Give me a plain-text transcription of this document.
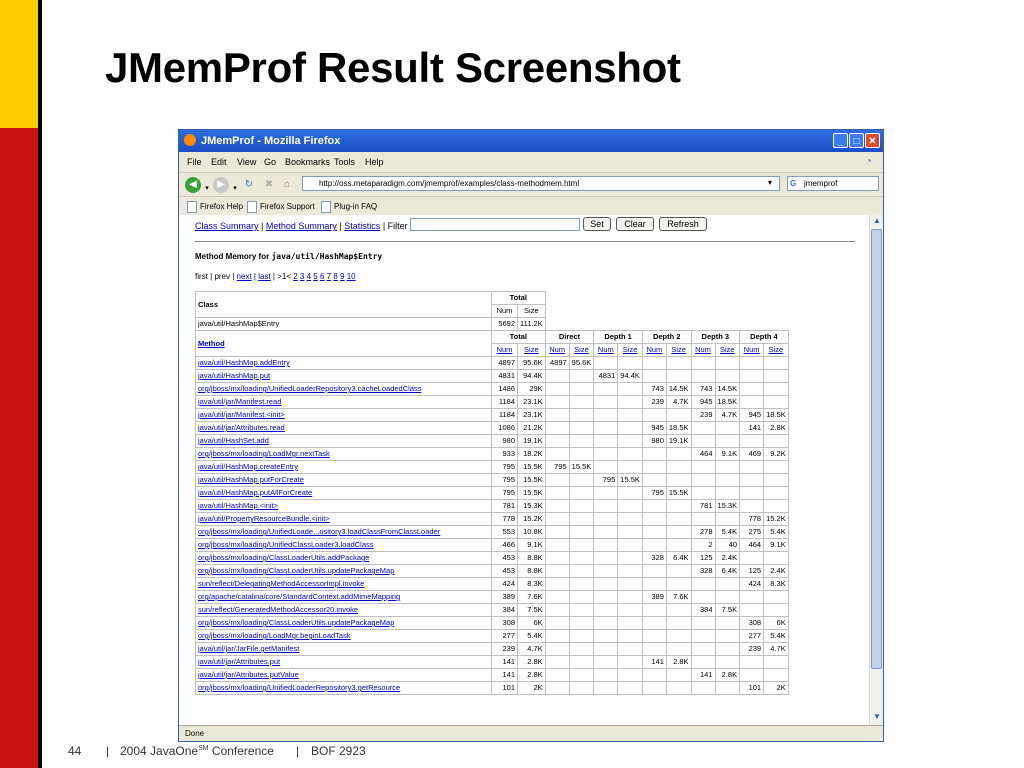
JMemProf Result Screenshot
JMemProf - Mozilla Firefox	_	□ ✕
File Edit View Go Bookmarks Tools Help	◔
◀	▾ ▶	▾ ↻	✖	⌂	http://oss.metaparadigm.com/jmemprof/examples/class-methodmem.html	▾ G jmemprof
Firefox Help	Firefox Support	Plug-in FAQ
Class Summary | Method Summary | Statistics | Filter	Set	Clear	Refresh
Method Memory for java/util/HashMap$Entry
first | prev | next | last | >1< 2 3 4 5 6 7 8 9 10
Class	Total											
	Num	Size										
java/util/HashMap$Entry	5692	111.2K										
Method	Total		Direct		Depth 1		Depth 2		Depth 3		Depth 4	
	Num	Size	Num	Size	Num	Size	Num	Size	Num	Size	Num	Size
java/util/HashMap.addEntry	4897	95.6K	4897	95.6K								
java/util/HashMap.put	4831	94.4K			4831	94.4K						
org/jboss/mx/loading/UnifiedLoaderRepository3.cacheLoadedClass	1486	29K					743	14.5K	743	14.5K		
java/util/jar/Manifest.read	1184	23.1K					239	4.7K	945	18.5K		
java/util/jar/Manifest.<init>	1184	23.1K							239	4.7K	945	18.5K
java/util/jar/Attributes.read	1086	21.2K					945	18.5K			141	2.8K
java/util/HashSet.add	980	19.1K					980	19.1K				
org/jboss/mx/loading/LoadMgr.nextTask	933	18.2K							464	9.1K	469	9.2K
java/util/HashMap.createEntry	795	15.5K	795	15.5K								
java/util/HashMap.putForCreate	795	15.5K			795	15.5K						
java/util/HashMap.putAllForCreate	795	15.5K					795	15.5K				
java/util/HashMap.<init>	781	15.3K							781	15.3K		
java/util/PropertyResourceBundle.<init>	778	15.2K									778	15.2K
org/jboss/mx/loading/UnifiedLoade...ository3.loadClassFromClassLoader	553	10.8K							278	5.4K	275	5.4K
org/jboss/mx/loading/UnifiedClassLoader3.loadClass	466	9.1K							2	40	464	9.1K
org/jboss/mx/loading/ClassLoaderUtils.addPackage	453	8.8K					328	6.4K	125	2.4K		
org/jboss/mx/loading/ClassLoaderUtils.updatePackageMap	453	8.8K							328	6.4K	125	2.4K
sun/reflect/DelegatingMethodAccessorImpl.invoke	424	8.3K									424	8.3K
org/apache/catalina/core/StandardContext.addMimeMapping	389	7.6K					389	7.6K				
sun/reflect/GeneratedMethodAccessor20.invoke	384	7.5K							384	7.5K		
org/jboss/mx/loading/ClassLoaderUtils.updatePackageMap	308	6K									308	6K
org/jboss/mx/loading/LoadMgr.beginLoadTask	277	5.4K									277	5.4K
java/util/jar/JarFile.getManifest	239	4.7K									239	4.7K
java/util/jar/Attributes.put	141	2.8K					141	2.8K				
java/util/jar/Attributes.putValue	141	2.8K							141	2.8K		
org/jboss/mx/loading/UnifiedLoaderRepository3.getResource	101	2K									101	2K
▲
▼
Done
44 | 2004 JavaOne℠ Conference | BOF 2923
